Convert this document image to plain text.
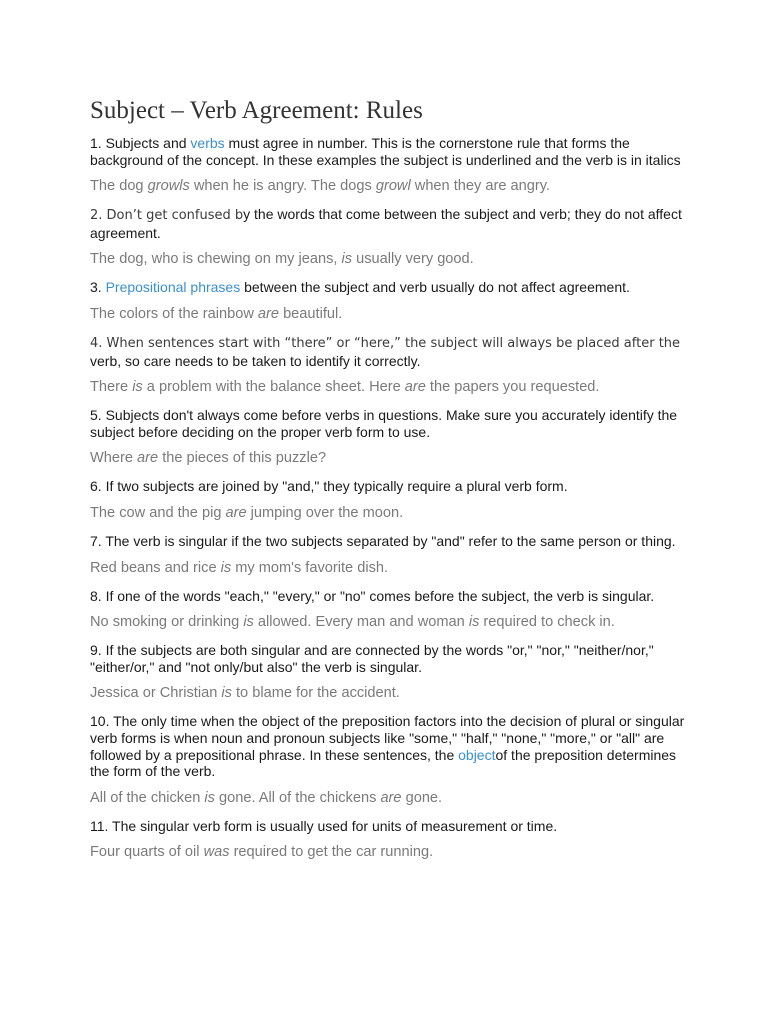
Subject – Verb Agreement: Rules

1. Subjects and verbs must agree in number. This is the cornerstone rule that forms the background of the concept. In these examples the subject is underlined and the verb is in italics

The dog growls when he is angry. The dogs growl when they are angry.

2. Don’t get confused by the words that come between the subject and verb; they do not affect agreement.

The dog, who is chewing on my jeans, is usually very good.

3. Prepositional phrases between the subject and verb usually do not affect agreement.

The colors of the rainbow are beautiful.

4. When sentences start with “there” or “here,” the subject will always be placed after the verb, so care needs to be taken to identify it correctly.

There is a problem with the balance sheet. Here are the papers you requested.

5. Subjects don't always come before verbs in questions. Make sure you accurately identify the subject before deciding on the proper verb form to use.

Where are the pieces of this puzzle?

6. If two subjects are joined by "and," they typically require a plural verb form.

The cow and the pig are jumping over the moon.

7. The verb is singular if the two subjects separated by "and" refer to the same person or thing.

Red beans and rice is my mom's favorite dish.

8. If one of the words "each," "every," or "no" comes before the subject, the verb is singular.

No smoking or drinking is allowed. Every man and woman is required to check in.

9. If the subjects are both singular and are connected by the words "or," "nor," "neither/nor," "either/or," and "not only/but also" the verb is singular.

Jessica or Christian is to blame for the accident.

10. The only time when the object of the preposition factors into the decision of plural or singular verb forms is when noun and pronoun subjects like "some," "half," "none," "more," or "all" are followed by a prepositional phrase. In these sentences, the objectof the preposition determines the form of the verb.

All of the chicken is gone. All of the chickens are gone.

11. The singular verb form is usually used for units of measurement or time.

Four quarts of oil was required to get the car running.
